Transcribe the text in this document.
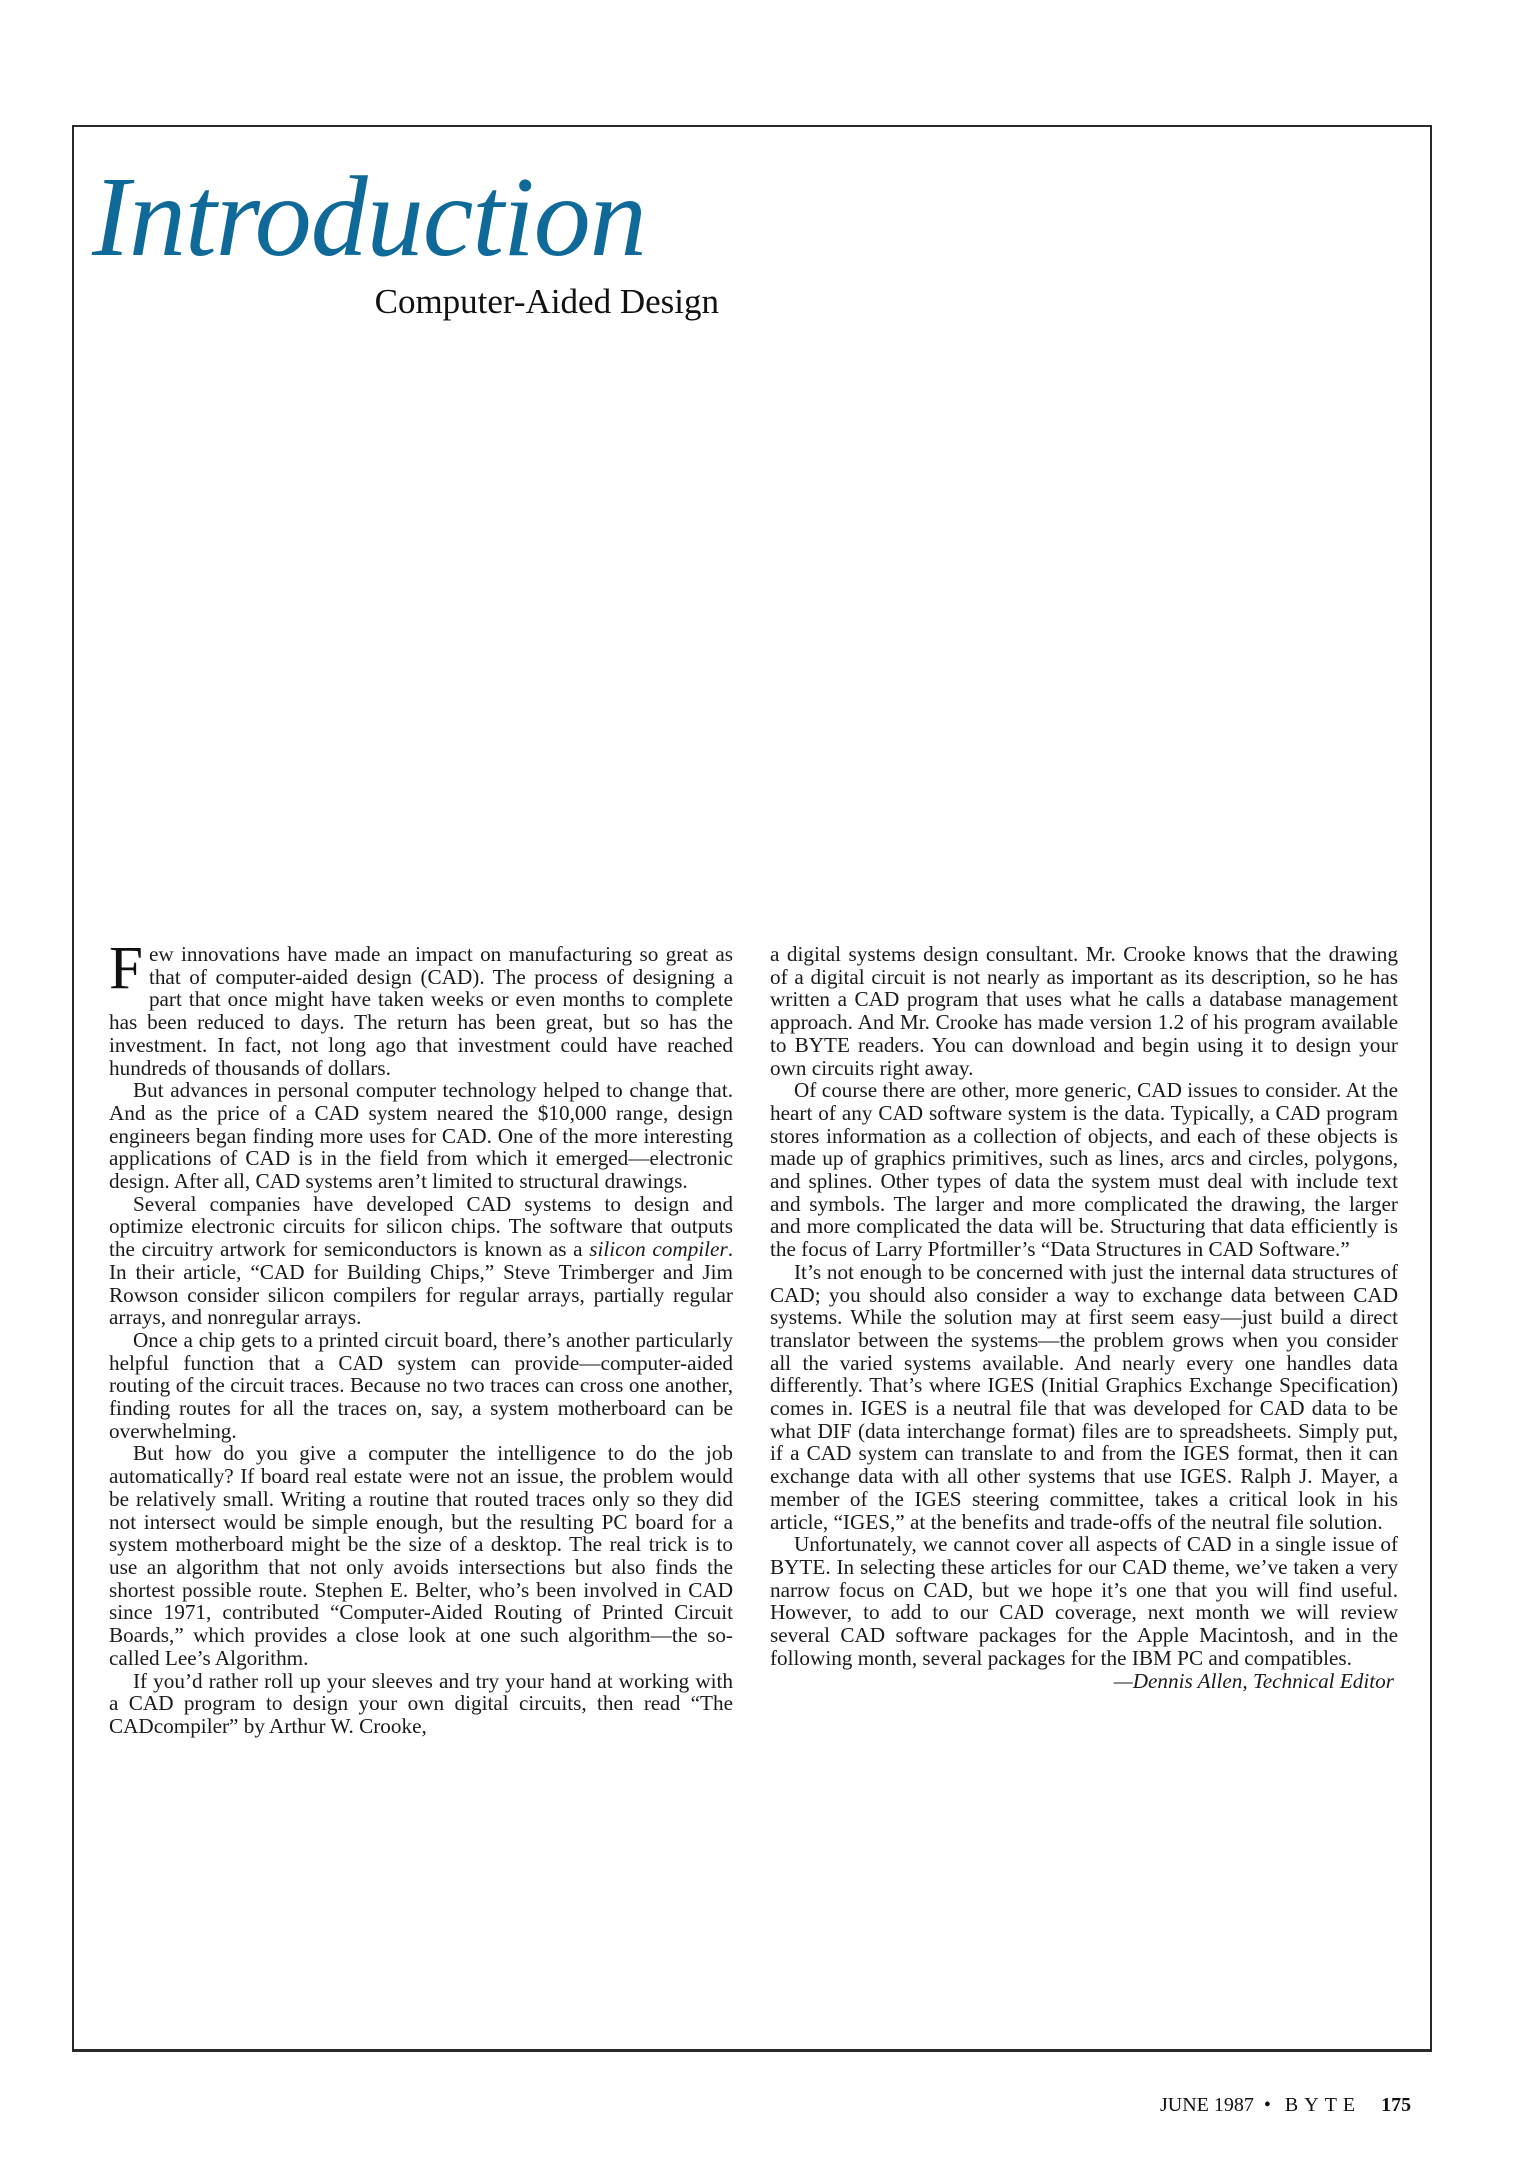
Introduction
Computer-Aided Design

Few innovations have made an impact on manufacturing so great as that of computer-aided design (CAD). The process of designing a part that once might have taken weeks or even months to complete has been reduced to days. The return has been great, but so has the investment. In fact, not long ago that investment could have reached hundreds of thousands of dollars.

But advances in personal computer technology helped to change that. And as the price of a CAD system neared the $10,000 range, design engineers began finding more uses for CAD. One of the more interesting applications of CAD is in the field from which it emerged—electronic design. After all, CAD systems aren’t limited to structural drawings.

Several companies have developed CAD systems to design and optimize electronic circuits for silicon chips. The software that outputs the circuitry artwork for semiconductors is known as a silicon compiler. In their article, “CAD for Building Chips,” Steve Trimberger and Jim Rowson consider silicon compilers for regular arrays, partially regular arrays, and nonregular arrays.

Once a chip gets to a printed circuit board, there’s another particularly helpful function that a CAD system can provide—computer-aided routing of the circuit traces. Because no two traces can cross one another, finding routes for all the traces on, say, a system motherboard can be overwhelming.

But how do you give a computer the intelligence to do the job automatically? If board real estate were not an issue, the problem would be relatively small. Writing a routine that routed traces only so they did not intersect would be simple enough, but the resulting PC board for a system motherboard might be the size of a desktop. The real trick is to use an algorithm that not only avoids intersections but also finds the shortest possible route. Stephen E. Belter, who’s been involved in CAD since 1971, contributed “Computer-Aided Routing of Printed Circuit Boards,” which provides a close look at one such algorithm—the so-called Lee’s Algorithm.

If you’d rather roll up your sleeves and try your hand at working with a CAD program to design your own digital circuits, then read “The CADcompiler” by Arthur W. Crooke,

a digital systems design consultant. Mr. Crooke knows that the drawing of a digital circuit is not nearly as important as its description, so he has written a CAD program that uses what he calls a database management approach. And Mr. Crooke has made version 1.2 of his program available to BYTE readers. You can download and begin using it to design your own circuits right away.

Of course there are other, more generic, CAD issues to consider. At the heart of any CAD software system is the data. Typically, a CAD program stores information as a collection of objects, and each of these objects is made up of graphics primitives, such as lines, arcs and circles, polygons, and splines. Other types of data the system must deal with include text and symbols. The larger and more complicated the drawing, the larger and more complicated the data will be. Structuring that data efficiently is the focus of Larry Pfortmiller’s “Data Structures in CAD Software.”

It’s not enough to be concerned with just the internal data structures of CAD; you should also consider a way to exchange data between CAD systems. While the solution may at first seem easy—just build a direct translator between the systems—the problem grows when you consider all the varied systems available. And nearly every one handles data differently. That’s where IGES (Initial Graphics Exchange Specification) comes in. IGES is a neutral file that was developed for CAD data to be what DIF (data interchange format) files are to spreadsheets. Simply put, if a CAD system can translate to and from the IGES format, then it can exchange data with all other systems that use IGES. Ralph J. Mayer, a member of the IGES steering committee, takes a critical look in his article, “IGES,” at the benefits and trade-offs of the neutral file solution.

Unfortunately, we cannot cover all aspects of CAD in a single issue of BYTE. In selecting these articles for our CAD theme, we’ve taken a very narrow focus on CAD, but we hope it’s one that you will find useful. However, to add to our CAD coverage, next month we will review several CAD software packages for the Apple Macintosh, and in the following month, several packages for the IBM PC and compatibles.

—Dennis Allen, Technical Editor

JUNE 1987 • BYTE 175
